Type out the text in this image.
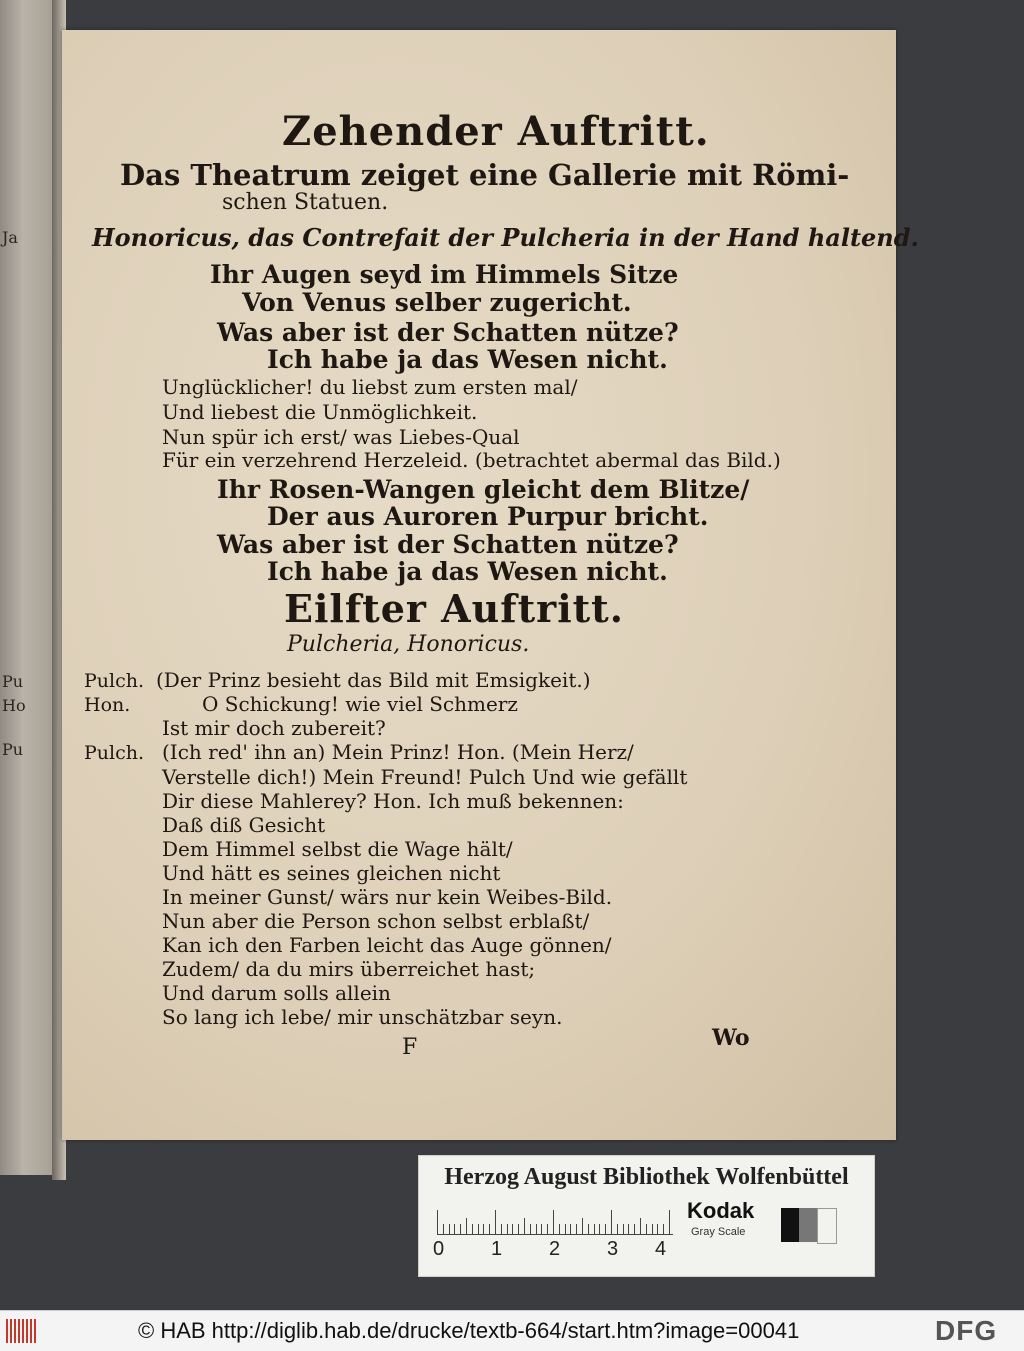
Ja
Pu
Ho
Pu
Zehender Auftritt.
Das Theatrum zeiget eine Gallerie mit Römi-
schen Statuen.
Honoricus, das Contrefait der Pulcheria in der Hand haltend.
Ihr Augen seyd im Himmels Sitze
Von Venus selber zugericht.
Was aber ist der Schatten nütze?
Ich habe ja das Wesen nicht.
Unglücklicher! du liebst zum ersten mal/
Und liebest die Unmöglichkeit.
Nun spür ich erst/ was Liebes-Qual
Für ein verzehrend Herzeleid. (betrachtet abermal das Bild.)
Ihr Rosen-Wangen gleicht dem Blitze/
Der aus Auroren Purpur bricht.
Was aber ist der Schatten nütze?
Ich habe ja das Wesen nicht.
Eilfter Auftritt.
Pulcheria, Honoricus.
Pulch. (Der Prinz besieht das Bild mit Emsigkeit.)
Hon.	O Schickung! wie viel Schmerz
Ist mir doch zubereit?
Pulch. (Ich red' ihn an) Mein Prinz! Hon. (Mein Herz/
Verstelle dich!) Mein Freund! Pulch Und wie gefällt
Dir diese Mahlerey? Hon. Ich muß bekennen:
Daß diß Gesicht
Dem Himmel selbst die Wage hält/
Und hätt es seines gleichen nicht
In meiner Gunst/ wärs nur kein Weibes-Bild.
Nun aber die Person schon selbst erblaßt/
Kan ich den Farben leicht das Auge gönnen/
Zudem/ da du mirs überreichet hast;
Und darum solls allein
So lang ich lebe/ mir unschätzbar seyn.
F	Wo
Herzog August Bibliothek Wolfenbüttel
0 1 2 3 4
Kodak
Gray Scale
© HAB http://diglib.hab.de/drucke/textb-664/start.htm?image=00041	DFG
